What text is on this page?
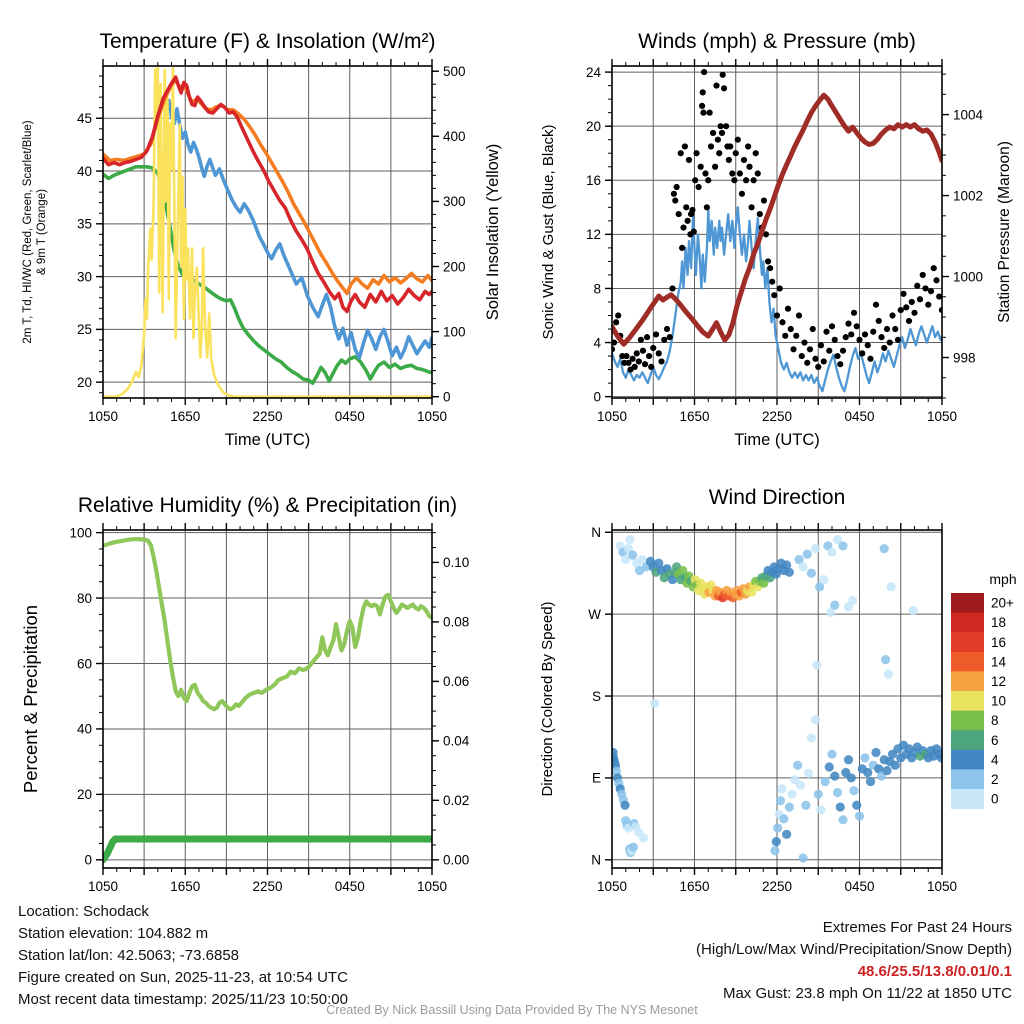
1050	1650	2250	0450	1050
20
25
30
35
40
45
0
100
200
300
400
500
Temperature (F) & Insolation (W/m²)
Time (UTC)
2m T, Td, HI/WC (Red, Green, Scarlet/Blue) & 9m T (Orange)	Solar Insolation (Yellow)
1050	1650	2250	0450	1050
0
4
8
12
16
20
24
998
1000
1002
1004
Winds (mph) & Pressure (mb)
Time (UTC)
Sonic Wind & Gust (Blue, Black)	Station Pressure (Maroon)
1050	1650	2250	0450	1050
0
20
40
60
80
100
0.00
0.02
0.04
0.06
0.08
0.10
Relative Humidity (%) & Precipitation (in)
Percent & Precipitation
1050	1650	2250	0450	1050
N
W
S
E
N
Wind Direction
Direction (Colored By Speed)
mph
20+
18
16
14
12
10
8
6
4
2
0
Location: Schodack
Station elevation: 104.882 m
Station lat/lon: 42.5063; -73.6858
Figure created on Sun, 2025-11-23, at 10:54 UTC
Most recent data timestamp: 2025/11/23 10:50:00
Extremes For Past 24 Hours
(High/Low/Max Wind/Precipitation/Snow Depth)
48.6/25.5/13.8/0.01/0.1
Max Gust: 23.8 mph On 11/22 at 1850 UTC
Created By Nick Bassill Using Data Provided By The NYS Mesonet
